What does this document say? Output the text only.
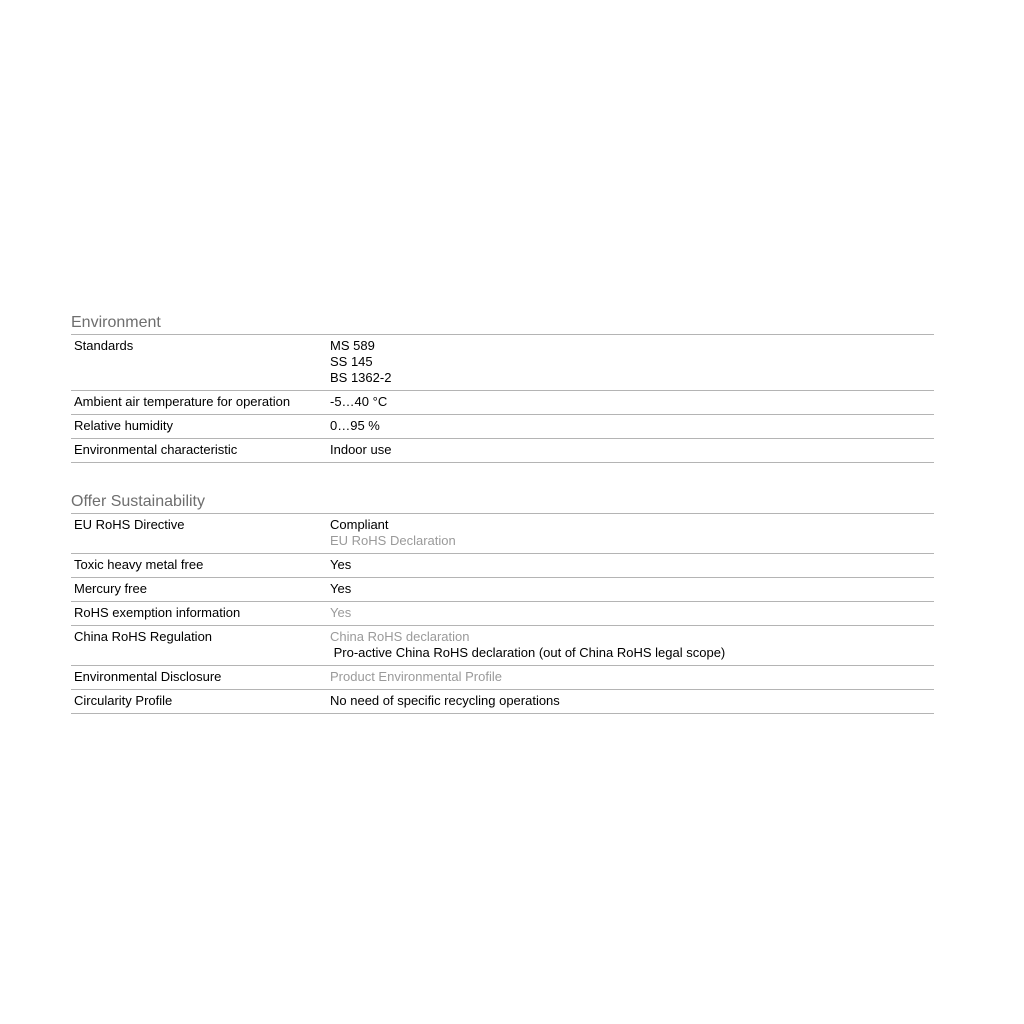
Environment
Standards	MS 589
SS 145
BS 1362-2
Ambient air temperature for operation	-5…40 °C
Relative humidity	0…95 %
Environmental characteristic	Indoor use
Offer Sustainability
EU RoHS Directive	Compliant
EU RoHS Declaration
Toxic heavy metal free	Yes
Mercury free	Yes
RoHS exemption information	Yes
China RoHS Regulation	China RoHS declaration
Pro-active China RoHS declaration (out of China RoHS legal scope)
Environmental Disclosure	Product Environmental Profile
Circularity Profile	No need of specific recycling operations
